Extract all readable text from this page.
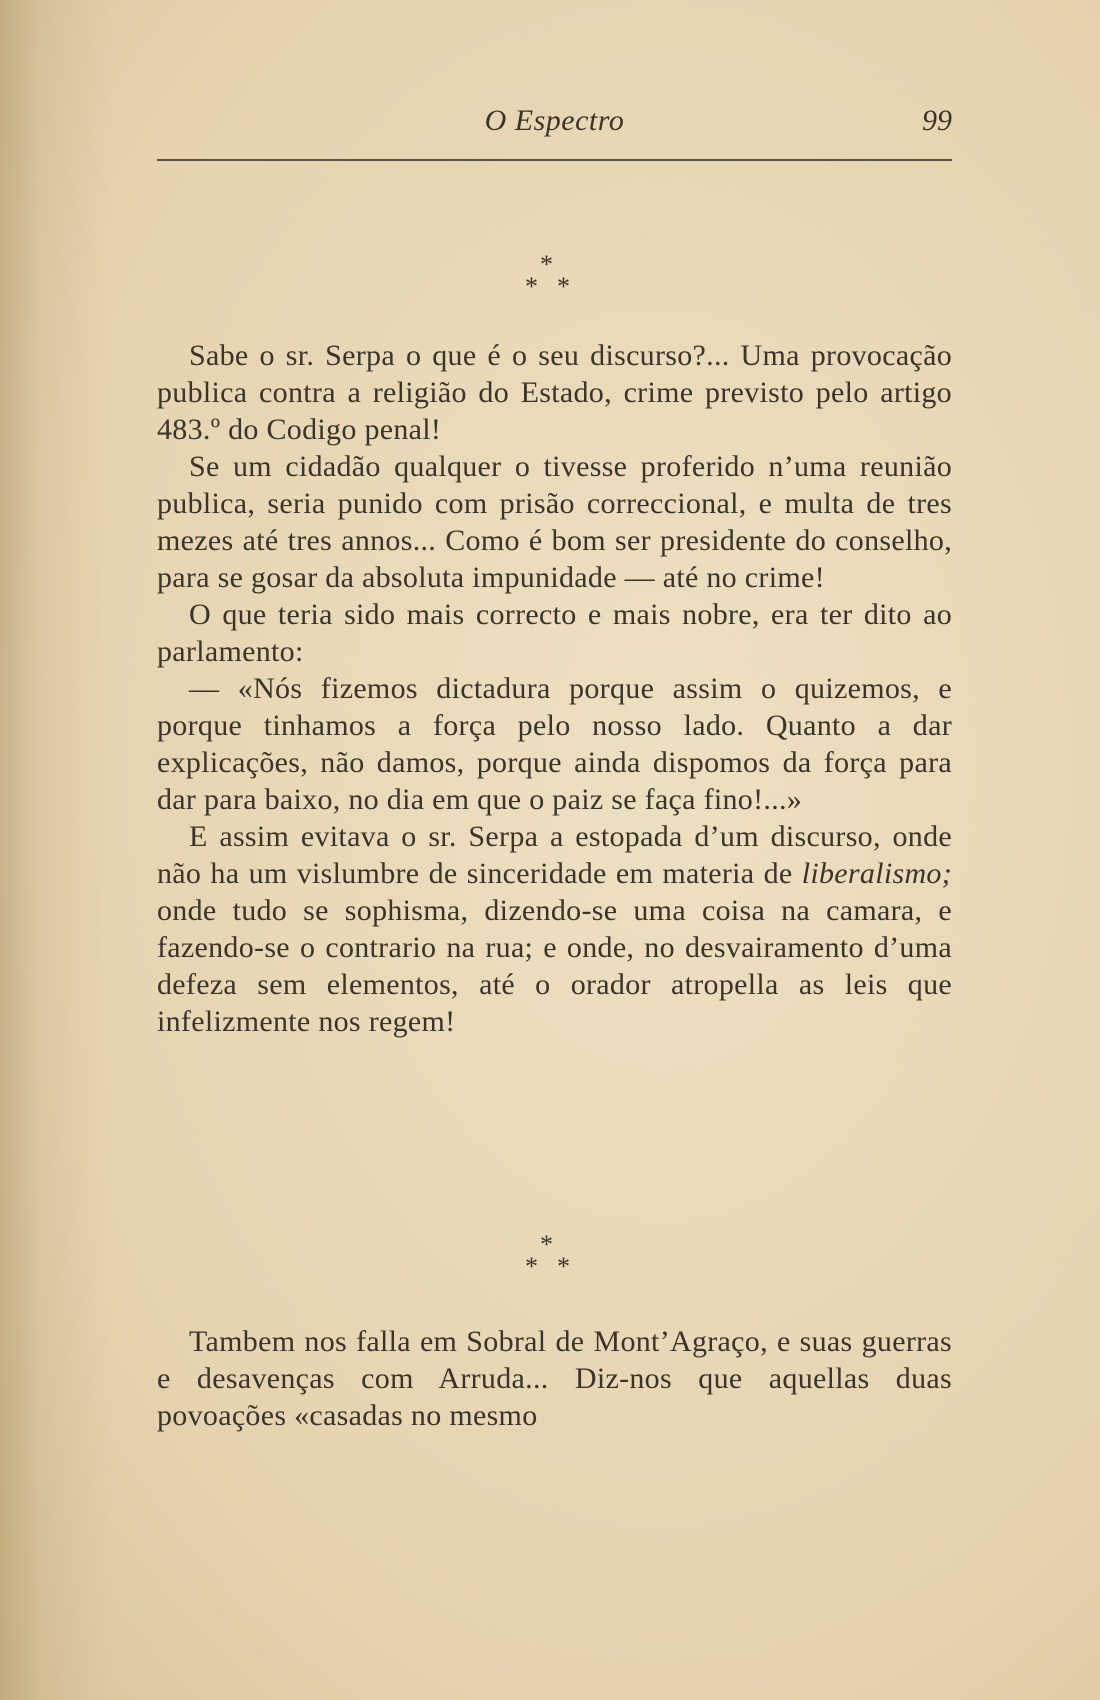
O Espectro	99
*
* *

Sabe o sr. Serpa o que é o seu discurso?... Uma provocação publica contra a religião do Estado, crime previsto pelo artigo 483.º do Codigo penal!

Se um cidadão qualquer o tivesse proferido n’uma reunião publica, seria punido com prisão correccional, e multa de tres mezes até tres annos... Como é bom ser presidente do conselho, para se gosar da absoluta impunidade — até no crime!

O que teria sido mais correcto e mais nobre, era ter dito ao parlamento:

— «Nós fizemos dictadura porque assim o quizemos, e porque tinhamos a força pelo nosso lado. Quanto a dar explicações, não damos, porque ainda dispomos da força para dar para baixo, no dia em que o paiz se faça fino!...»

E assim evitava o sr. Serpa a estopada d’um discurso, onde não ha um vislumbre de sinceridade em materia de liberalismo; onde tudo se sophisma, dizendo-se uma coisa na camara, e fazendo-se o contrario na rua; e onde, no desvairamento d’uma defeza sem elementos, até o orador atropella as leis que infelizmente nos regem!

*
* *

Tambem nos falla em Sobral de Mont’Agraço, e suas guerras e desavenças com Arruda... Diz-nos que aquellas duas povoações «casadas no mesmo
